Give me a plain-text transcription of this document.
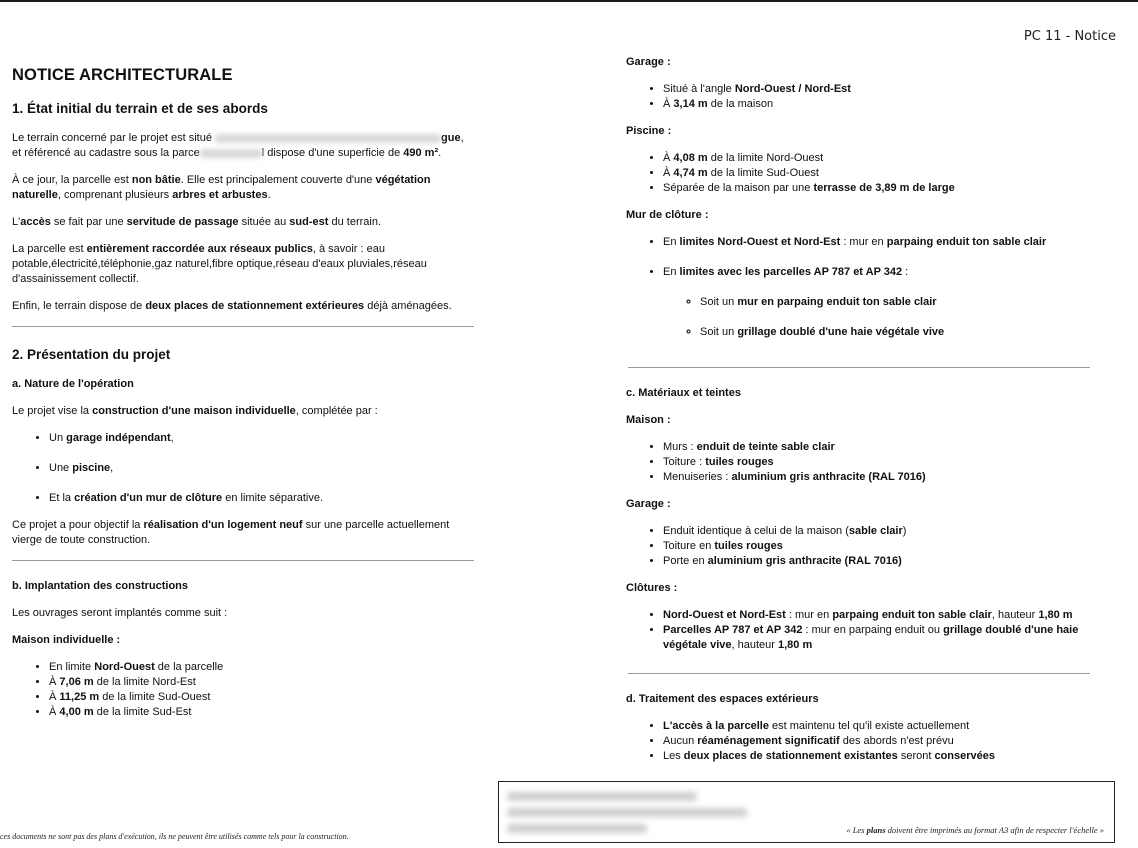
PC 11 - Notice
NOTICE ARCHITECTURALE
1. État initial du terrain et de ses abords

Le terrain concerné par le projet est situé	gue,
et référencé au cadastre sous la parce	l dispose d'une superficie de 490 m².

À ce jour, la parcelle est non bâtie. Elle est principalement couverte d'une végétation naturelle, comprenant plusieurs arbres et arbustes.

L'accès se fait par une servitude de passage située au sud-est du terrain.

La parcelle est entièrement raccordée aux réseaux publics, à savoir : eau potable,électricité,téléphonie,gaz naturel,fibre optique,réseau d'eaux pluviales,réseau d'assainissement collectif.

Enfin, le terrain dispose de deux places de stationnement extérieures déjà aménagées.

2. Présentation du projet
a. Nature de l'opération

Le projet vise la construction d'une maison individuelle, complétée par :

• Un garage indépendant,
• Une piscine,
• Et la création d'un mur de clôture en limite séparative.

Ce projet a pour objectif la réalisation d'un logement neuf sur une parcelle actuellement vierge de toute construction.

b. Implantation des constructions

Les ouvrages seront implantés comme suit :

Maison individuelle :
• En limite Nord-Ouest de la parcelle
• À 7,06 m de la limite Nord-Est
• À 11,25 m de la limite Sud-Ouest
• À 4,00 m de la limite Sud-Est
Garage :
• Situé à l'angle Nord-Ouest / Nord-Est
• À 3,14 m de la maison
Piscine :
• À 4,08 m de la limite Nord-Ouest
• À 4,74 m de la limite Sud-Ouest
• Séparée de la maison par une terrasse de 3,89 m de large
Mur de clôture :
• En limites Nord-Ouest et Nord-Est : mur en parpaing enduit ton sable clair
• En limites avec les parcelles AP 787 et AP 342 :
◦ Soit un mur en parpaing enduit ton sable clair
◦ Soit un grillage doublé d'une haie végétale vive
c. Matériaux et teintes
Maison :
• Murs : enduit de teinte sable clair
• Toiture : tuiles rouges
• Menuiseries : aluminium gris anthracite (RAL 7016)
Garage :
• Enduit identique à celui de la maison (sable clair)
• Toiture en tuiles rouges
• Porte en aluminium gris anthracite (RAL 7016)
Clôtures :
• Nord-Ouest et Nord-Est : mur en parpaing enduit ton sable clair, hauteur 1,80 m
• Parcelles AP 787 et AP 342 : mur en parpaing enduit ou grillage doublé d'une haie végétale vive, hauteur 1,80 m
d. Traitement des espaces extérieurs
• L'accès à la parcelle est maintenu tel qu'il existe actuellement
• Aucun réaménagement significatif des abords n'est prévu
• Les deux places de stationnement existantes seront conservées
ces documents ne sont pas des plans d'exécution, ils ne peuvent être utilisés comme tels pour la construction.
« Les plans doivent être imprimés au format A3 afin de respecter l'échelle »
